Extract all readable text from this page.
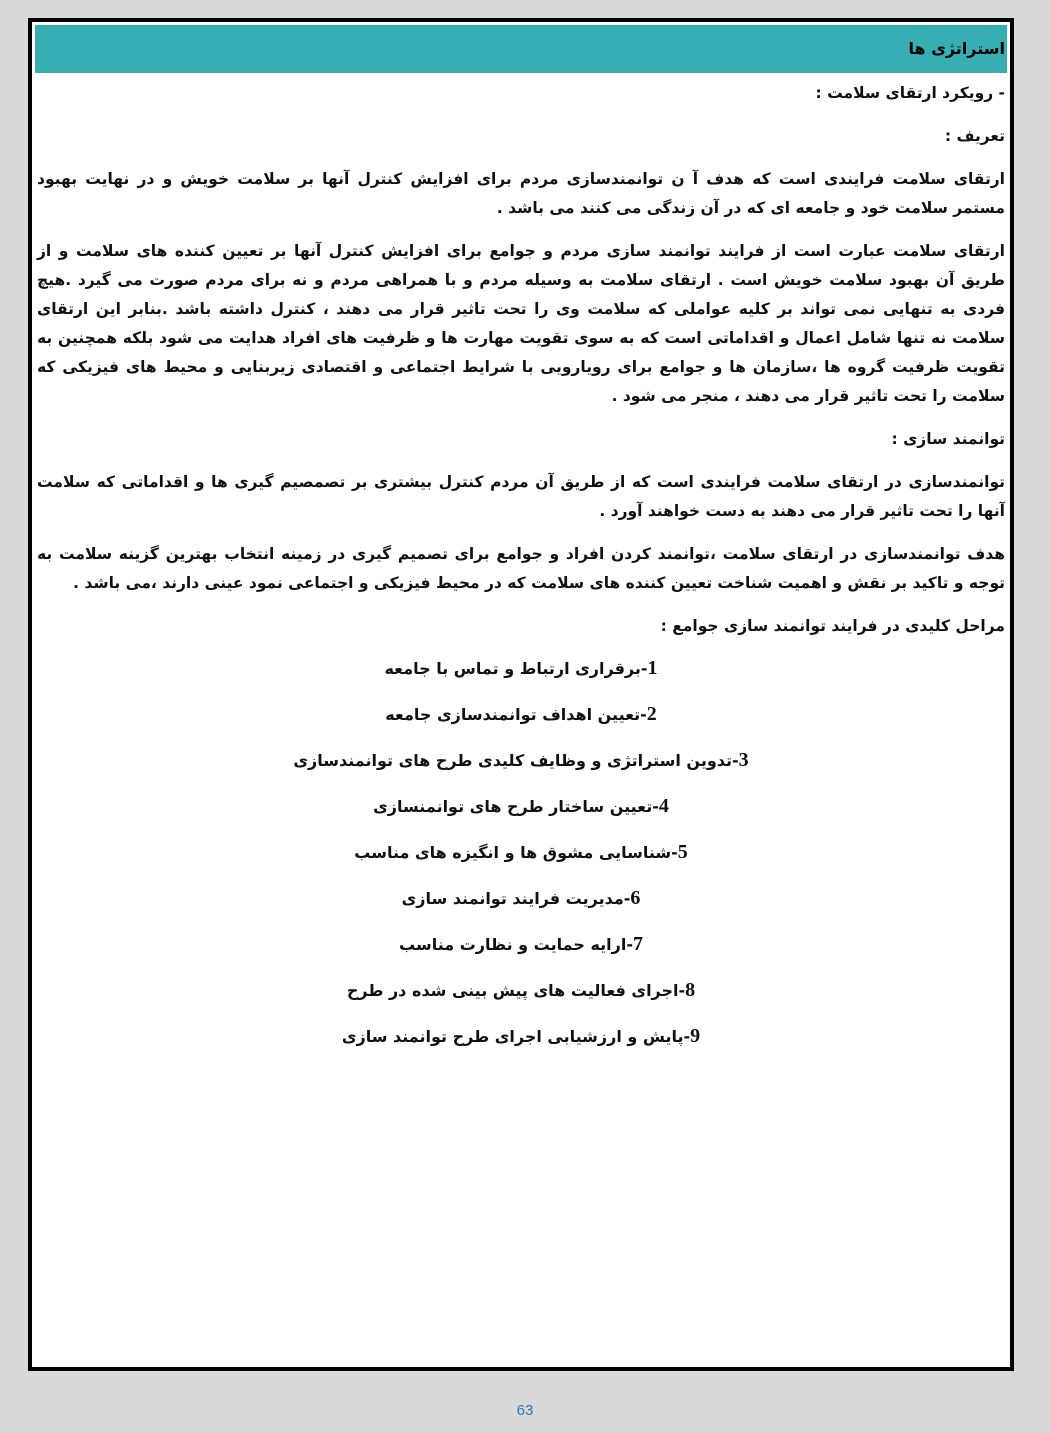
استراتژی ها

- رویکرد ارتقای سلامت :

تعریف :

ارتقای سلامت فرایندی است که هدف آ ن توانمندسازی مردم برای افزایش کنترل آنها بر سلامت خویش و در نهایت بهبود مستمر سلامت خود و جامعه ای که در آن زندگی می کنند می باشد .

ارتقای سلامت عبارت است از فرایند توانمند سازی مردم و جوامع برای افزایش کنترل آنها بر تعیین کننده های سلامت و از طریق آن بهبود سلامت خویش است . ارتقای سلامت به وسیله مردم و با همراهی مردم و نه برای مردم صورت می گیرد .هیچ فردی به تنهایی نمی تواند بر کلیه عواملی که سلامت وی را تحت تاثیر قرار می دهند ، کنترل داشته باشد .بنابر این ارتقای سلامت نه تنها شامل اعمال و اقداماتی است که به سوی تقویت مهارت ها و ظرفیت های افراد هدایت می شود بلکه همچنین به تقویت ظرفیت گروه ها ،سازمان ها و جوامع برای رویارویی با شرایط اجتماعی و اقتصادی زیربنایی و محیط های فیزیکی که سلامت را تحت تاثیر قرار می دهند ، منجر می شود .

توانمند سازی :

توانمندسازی در ارتقای سلامت فرایندی است که از طریق آن مردم کنترل بیشتری بر تصمصیم گیری ها و اقداماتی که سلامت آنها را تحت تاثیر قرار می دهند به دست خواهند آورد .

هدف توانمندسازی در ارتقای سلامت ،توانمند کردن افراد و جوامع برای تصمیم گیری در زمینه انتخاب بهترین گزینه سلامت به توجه و تاکید بر نقش و اهمیت شناخت تعیین کننده های سلامت که در محیط فیزیکی و اجتماعی نمود عینی دارند ،می باشد .

مراحل کلیدی در فرایند توانمند سازی جوامع :

1
-برقراری ارتباط و تماس با جامعه
2
-تعیین اهداف توانمندسازی جامعه
3
-تدوین استراتژی و وظایف کلیدی طرح های توانمندسازی
4
-تعیین ساختار طرح های توانمنسازی
5
-شناسایی مشوق ها و انگیزه های مناسب
6
-مدیریت فرایند توانمند سازی
7
-ارایه حمایت و نظارت مناسب
8
-اجرای فعالیت های پیش بینی شده در طرح
9
-پایش و ارزشیابی اجرای طرح توانمند سازی
63
